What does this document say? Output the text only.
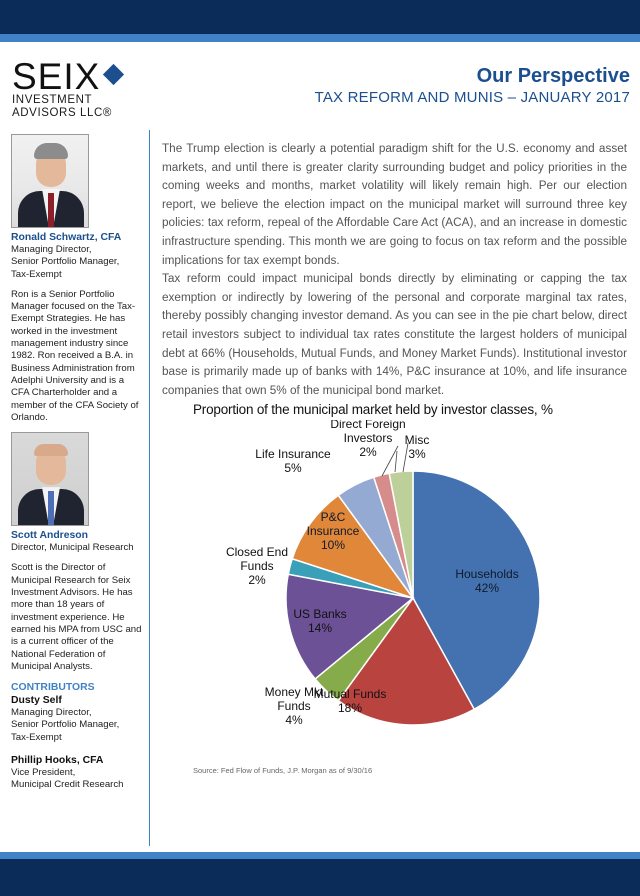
SEIX
INVESTMENT
ADVISORS LLC®
Our Perspective
TAX REFORM AND MUNIS – JANUARY 2017
Ronald Schwartz, CFA
Managing Director,
Senior Portfolio Manager,
Tax-Exempt
Ron is a Senior Portfolio Manager focused on the Tax-Exempt Strategies. He has worked in the investment management industry since 1982. Ron received a B.A. in Business Administration from Adelphi University and is a CFA Charterholder and a member of the CFA Society of Orlando.
Scott Andreson
Director, Municipal Research
Scott is the Director of Municipal Research for Seix Investment Advisors. He has more than 18 years of investment experience. He earned his MPA from USC and is a current officer of the National Federation of Municipal Analysts.
CONTRIBUTORS
Dusty Self
Managing Director,
Senior Portfolio Manager,
Tax-Exempt
Phillip Hooks, CFA
Vice President,
Municipal Credit Research

The Trump election is clearly a potential paradigm shift for the U.S. economy and asset markets, and until there is greater clarity surrounding budget and policy priorities in the coming weeks and months, market volatility will likely remain high. Per our election report, we believe the election impact on the municipal market will surround three key policies: tax reform, repeal of the Affordable Care Act (ACA), and an increase in domestic infrastructure spending. This month we are going to focus on tax reform and the possible implications for tax exempt bonds.

Tax reform could impact municipal bonds directly by eliminating or capping the tax exemption or indirectly by lowering of the personal and corporate marginal tax rates, thereby possibly changing investor demand. As you can see in the pie chart below, direct retail investors subject to individual tax rates constitute the largest holders of municipal debt at 66% (Households, Mutual Funds, and Money Market Funds). Institutional investor base is primarily made up of banks with 14%, P&C insurance at 10%, and life insurance companies that own 5% of the municipal bond market.

Proportion of the municipal market held by investor classes, %
Households 42%
Mutual Funds 18%
Money Mkt Funds 4%
US Banks 14%
Closed End Funds 2%
P&C Insurance 10%
Life Insurance 5%
Direct Foreign Investors 2%
Misc 3%
Source: Fed Flow of Funds, J.P. Morgan as of 9/30/16
